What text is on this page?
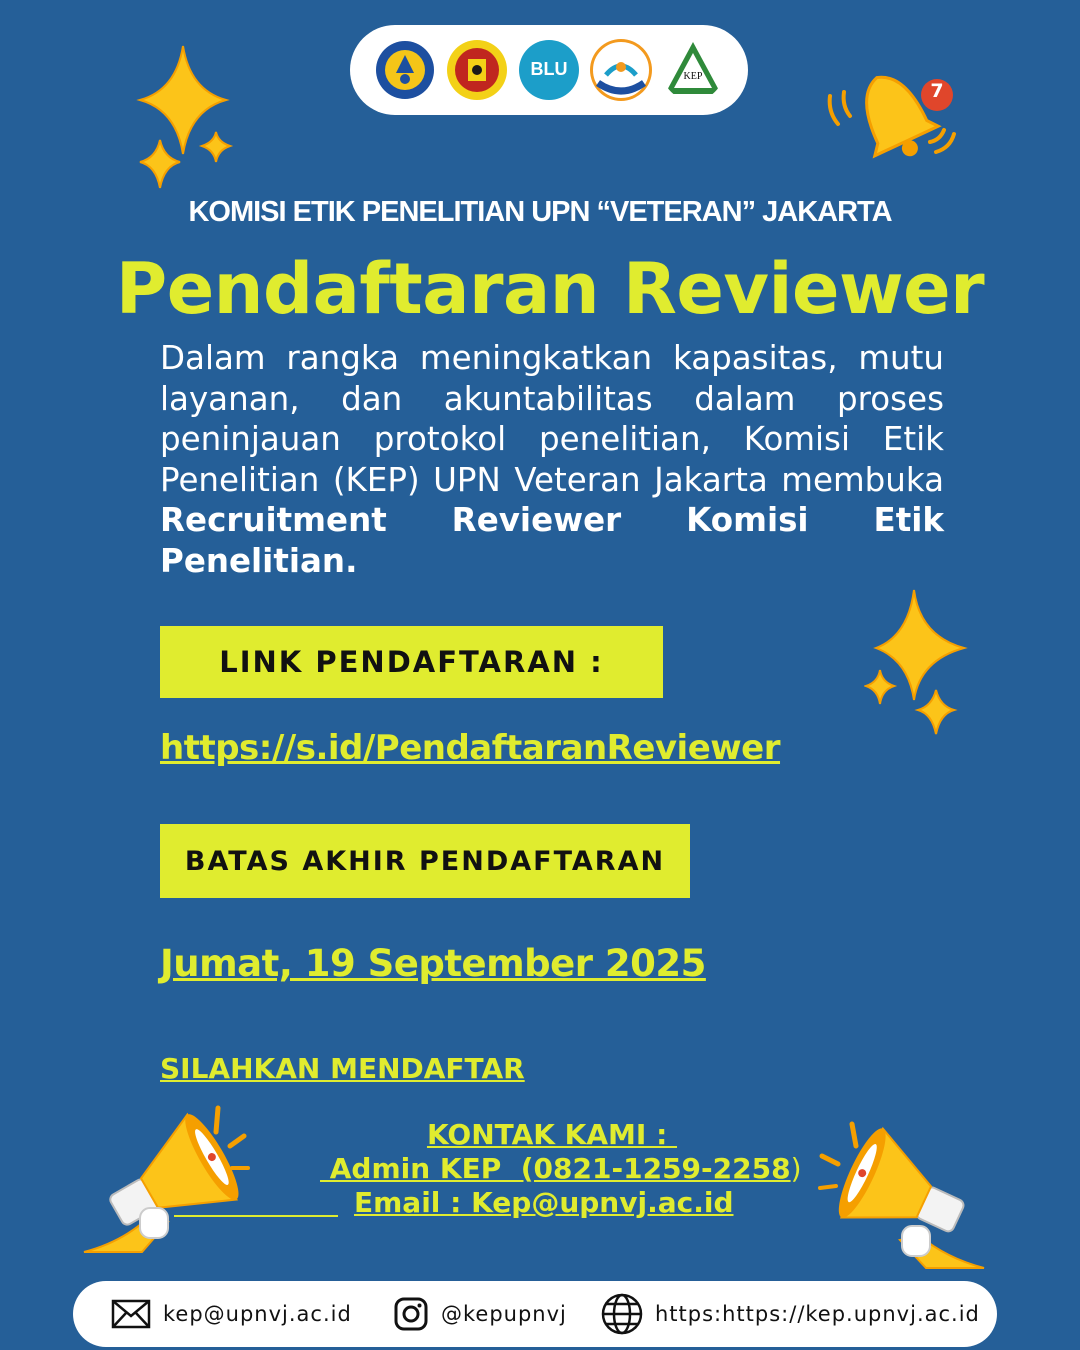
BLU	KEP
7
KOMISI ETIK PENELITIAN UPN “VETERAN” JAKARTA
Pendaftaran Reviewer
Dalam rangka meningkatkan kapasitas, mutu layanan, dan akuntabilitas dalam proses peninjauan protokol penelitian, Komisi Etik Penelitian (KEP) UPN Veteran Jakarta membuka Recruitment Reviewer Komisi Etik Penelitian.
LINK PENDAFTARAN :
https://s.id/PendaftaranReviewer
BATAS AKHIR PENDAFTARAN
Jumat, 19 September 2025
SILAHKAN MENDAFTAR
KONTAK KAMI :
Admin KEP  (0821-1259-2258)
Email : Kep@upnvj.ac.id
kep@upnvj.ac.id	@kepupnvj	https:https://kep.upnvj.ac.id
